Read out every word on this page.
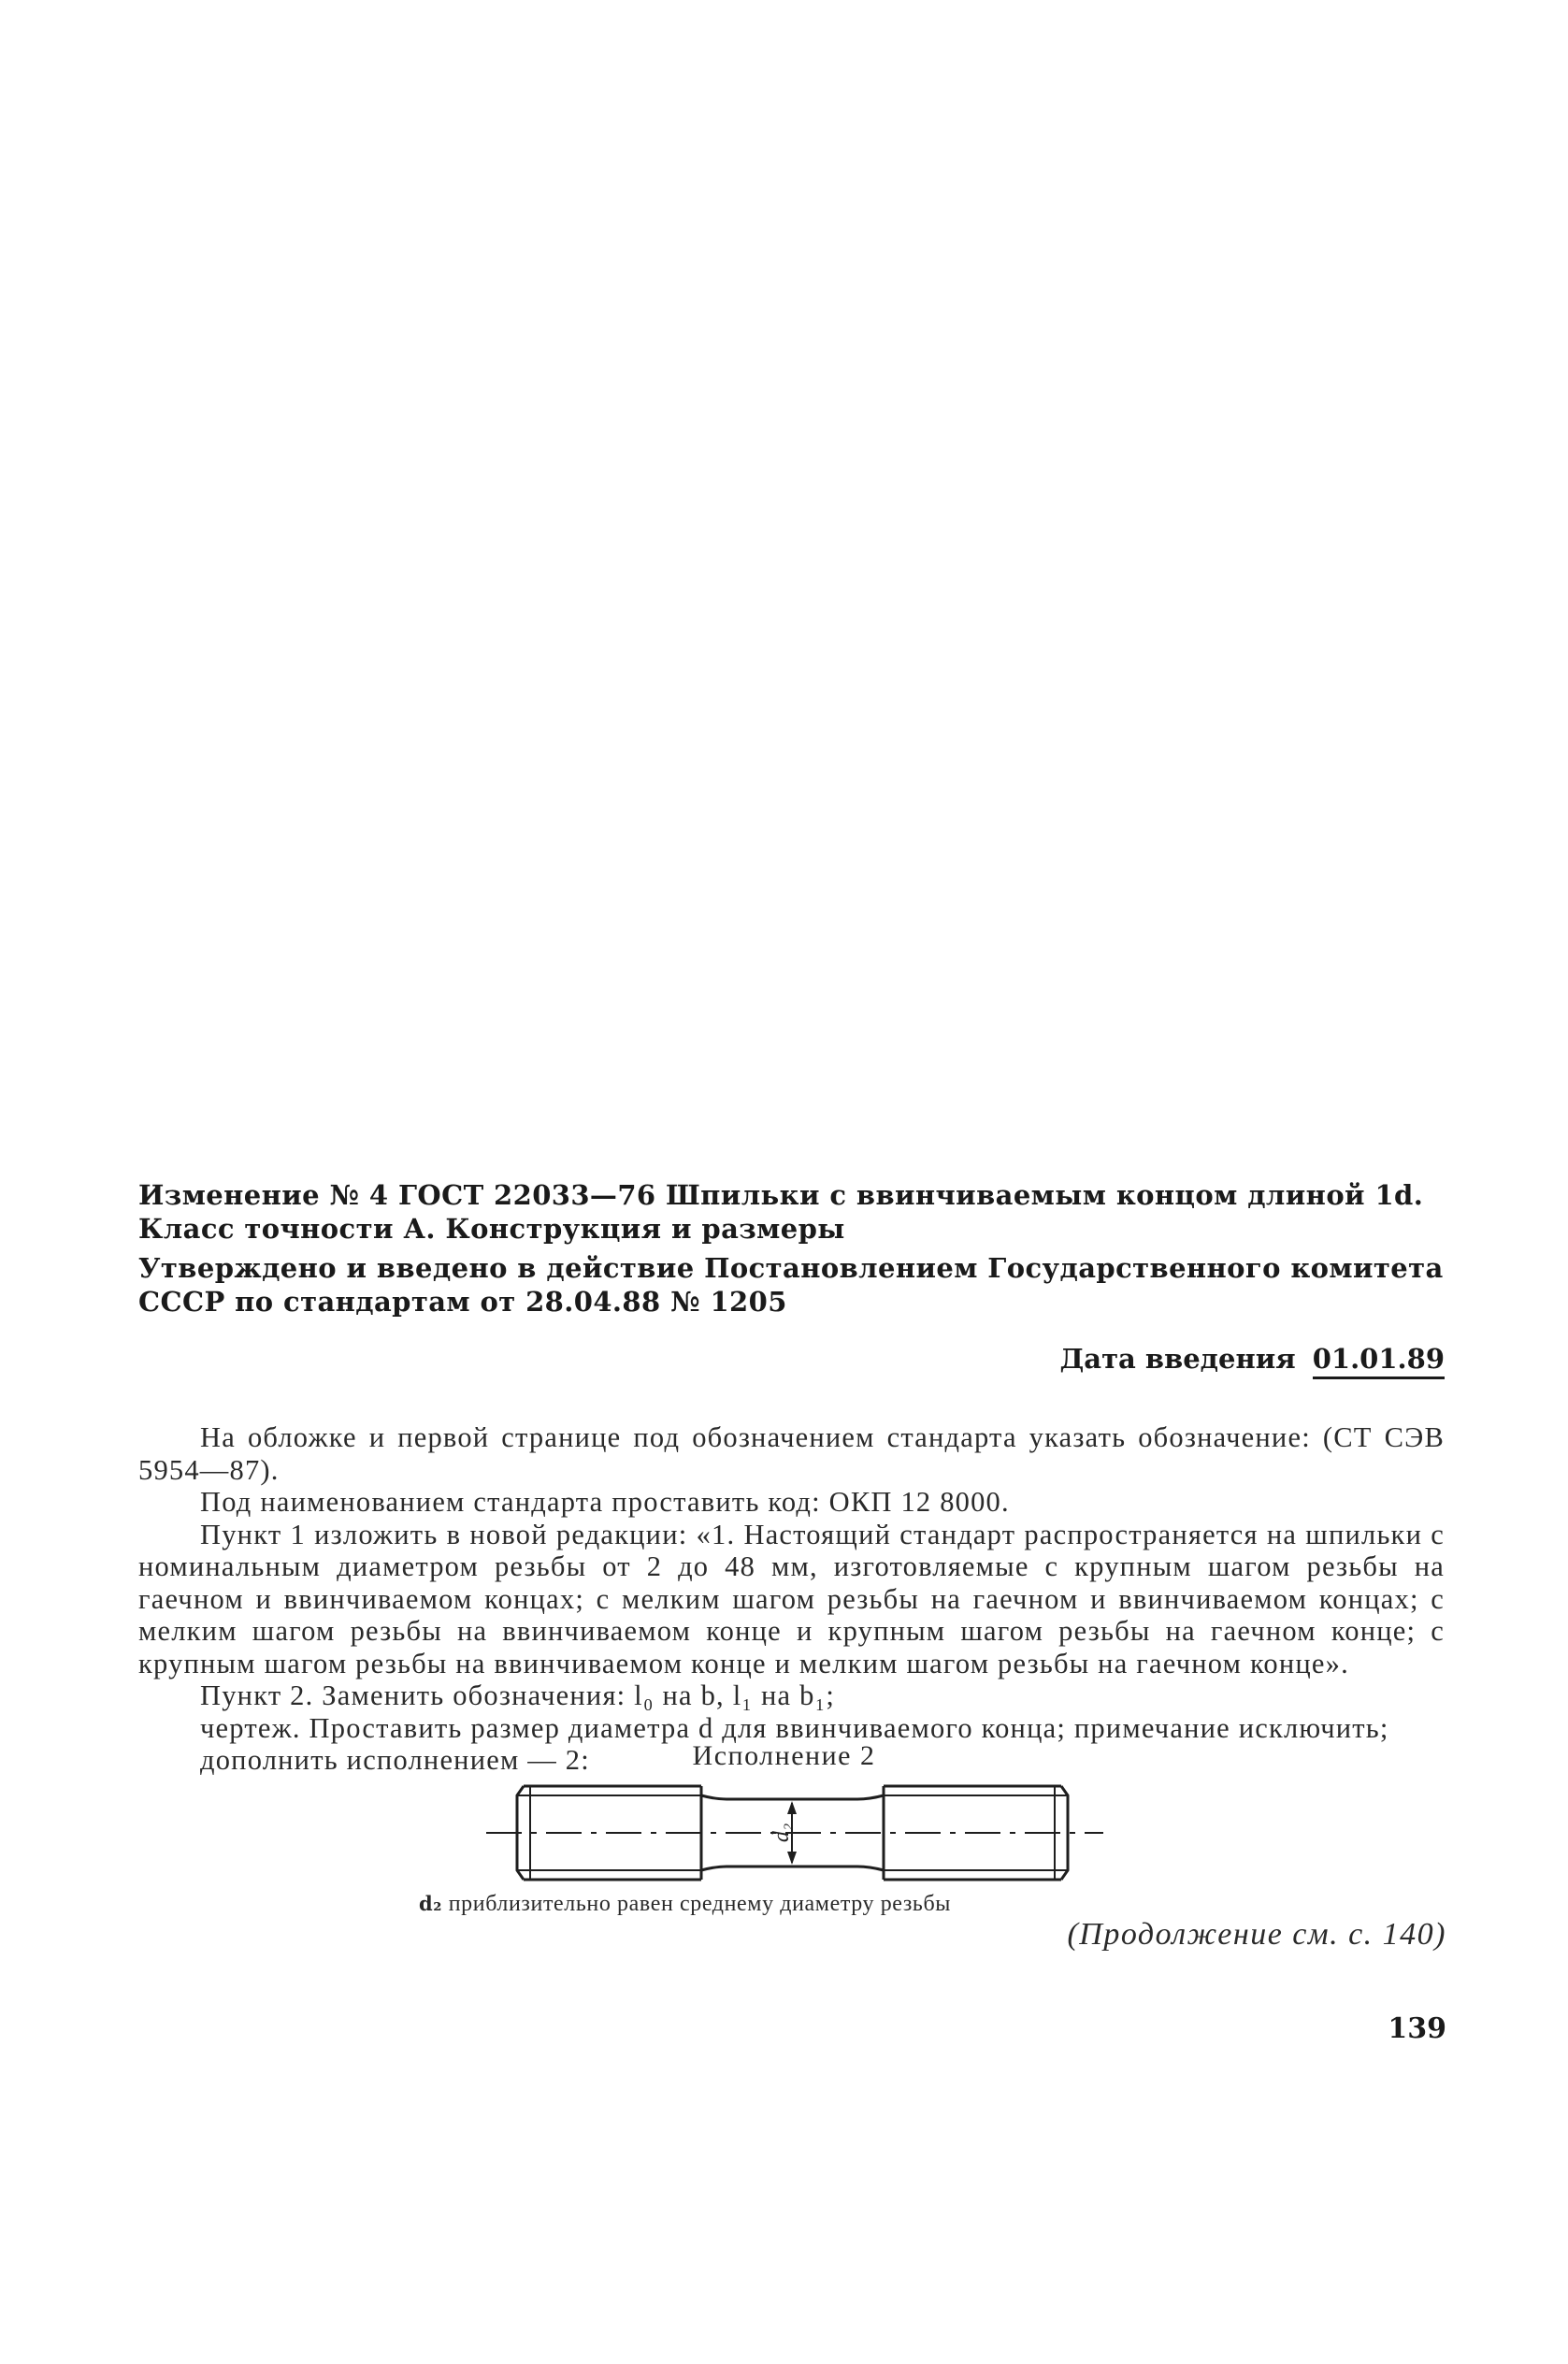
Изменение № 4 ГОСТ 22033—76 Шпильки с ввинчиваемым концом длиной 1d.
Класс точности А. Конструкция и размеры
Утверждено и введено в действие Постановлением Государственного комитета
СССР по стандартам от 28.04.88 № 1205
Дата введения 01.01.89

На обложке и первой странице под обозначением стандарта указать обозначение: (СТ СЭВ 5954—87).

Под наименованием стандарта проставить код: ОКП 12 8000.

Пункт 1 изложить в новой редакции: «1. Настоящий стандарт распространяется на шпильки с номинальным диаметром резьбы от 2 до 48 мм, изготовляемые с крупным шагом резьбы на гаечном и ввинчиваемом концах; с мелким шагом резьбы на гаечном и ввинчиваемом концах; с мелким шагом резьбы на ввинчиваемом конце и крупным шагом резьбы на гаечном конце; с крупным шагом резьбы на ввинчиваемом конце и мелким шагом резьбы на гаечном конце».

Пункт 2. Заменить обозначения: l₀ на b, l₁ на b₁;

чертеж. Проставить размер диаметра d для ввинчиваемого конца; примечание исключить;

дополнить исполнением — 2:	Исполнение 2
d₂
d₂ приблизительно равен среднему диаметру резьбы
(Продолжение см. с. 140)
139
